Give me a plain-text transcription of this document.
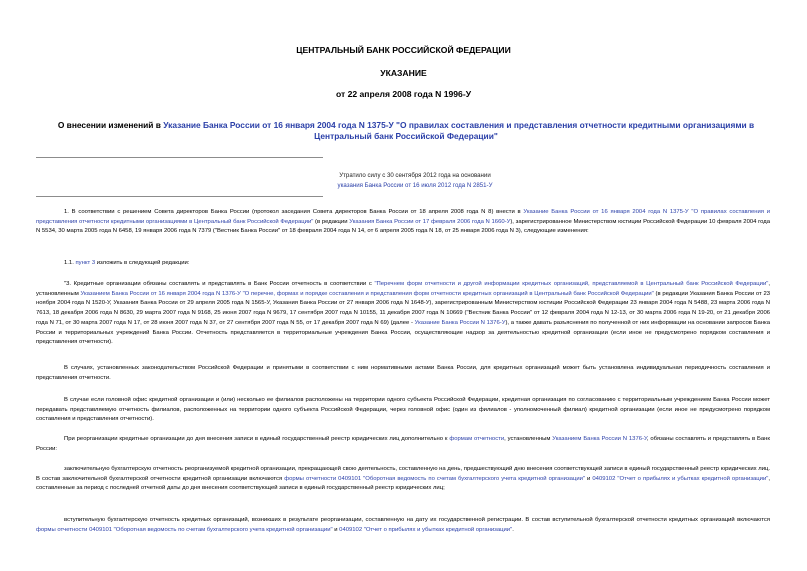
ЦЕНТРАЛЬНЫЙ БАНК РОССИЙСКОЙ ФЕДЕРАЦИИ
УКАЗАНИЕ
от 22 апреля 2008 года N 1996-У
О внесении изменений в Указание Банка России от 16 января 2004 года N 1375-У "О правилах составления и представления отчетности кредитными организациями в Центральный банк Российской Федерации"
Утратило силу с 30 сентября 2012 года на основании
указания Банка России от 16 июля 2012 года N 2851-У

1. В соответствии с решением Совета директоров Банка России (протокол заседания Совета директоров Банка России от 18 апреля 2008 года N 8) внести в Указание Банка России от 16 января 2004 года N 1375-У "О правилах составления и представления отчетности кредитными организациями в Центральный банк Российской Федерации" (в редакции Указания Банка России от 17 февраля 2006 года N 1660-У), зарегистрированное Министерством юстиции Российской Федерации 10 февраля 2004 года N 5534, 30 марта 2005 года N 6458, 19 января 2006 года N 7379 ("Вестник Банка России" от 18 февраля 2004 года N 14, от 6 апреля 2005 года N 18, от 25 января 2006 года N 3), следующие изменения:

1.1. пункт 3 изложить в следующей редакции:

"3. Кредитные организации обязаны составлять и представлять в Банк России отчетность в соответствии с "Перечнем форм отчетности и другой информации кредитных организаций, представляемой в Центральный банк Российской Федерации", установленным Указанием Банка России от 16 января 2004 года N 1376-У "О перечне, формах и порядке составления и представления форм отчетности кредитных организаций в Центральный банк Российской Федерации" (в редакции Указания Банка России от 23 ноября 2004 года N 1520-У, Указания Банка России от 29 апреля 2005 года N 1565-У, Указания Банка России от 27 января 2006 года N 1648-У), зарегистрированным Министерством юстиции Российской Федерации 23 января 2004 года N 5488, 23 марта 2006 года N 7613, 18 декабря 2006 года N 8630, 29 марта 2007 года N 9168, 25 июня 2007 года N 9679, 17 сентября 2007 года N 10155, 11 декабря 2007 года N 10669 ("Вестник Банка России" от 12 февраля 2004 года N 12-13, от 30 марта 2006 года N 19-20, от 21 декабря 2006 года N 71, от 30 марта 2007 года N 17, от 28 июня 2007 года N 37, от 27 сентября 2007 года N 55, от 17 декабря 2007 года N 69) (далее - Указание Банка России N 1376-У), а также давать разъяснения по полученной от них информации на основании запросов Банка России и территориальных учреждений Банка России. Отчетность представляется в территориальные учреждения Банка России, осуществляющие надзор за деятельностью кредитной организации (если иное не предусмотрено порядком составления и представления отчетности).

В случаях, установленных законодательством Российской Федерации и принятыми в соответствии с ним нормативными актами Банка России, для кредитных организаций может быть установлена индивидуальная периодичность составления и представления отчетности.

В случае если головной офис кредитной организации и (или) несколько ее филиалов расположены на территории одного субъекта Российской Федерации, кредитная организация по согласованию с территориальным учреждением Банка России может передавать представляемую отчетность филиалов, расположенных на территории одного субъекта Российской Федерации, через головной офис (один из филиалов - уполномоченный филиал) кредитной организации (если иное не предусмотрено порядком составления и представления отчетности).

При реорганизации кредитные организации до дня внесения записи в единый государственный реестр юридических лиц дополнительно к формам отчетности, установленным Указанием Банка России N 1376-У, обязаны составлять и представлять в Банк России:

заключительную бухгалтерскую отчетность реорганизуемой кредитной организации, прекращающей свою деятельность, составленную на день, предшествующий дню внесения соответствующей записи в единый государственный реестр юридических лиц. В состав заключительной бухгалтерской отчетности кредитной организации включаются формы отчетности 0409101 "Оборотная ведомость по счетам бухгалтерского учета кредитной организации" и 0409102 "Отчет о прибылях и убытках кредитной организации", составленные за период с последней отчетной даты до дня внесения соответствующей записи в единый государственный реестр юридических лиц;

вступительную бухгалтерскую отчетность кредитных организаций, возникших в результате реорганизации, составленную на дату их государственной регистрации. В состав вступительной бухгалтерской отчетности кредитных организаций включаются формы отчетности 0409101 "Оборотная ведомость по счетам бухгалтерского учета кредитной организации" и 0409102 "Отчет о прибылях и убытках кредитной организации".
